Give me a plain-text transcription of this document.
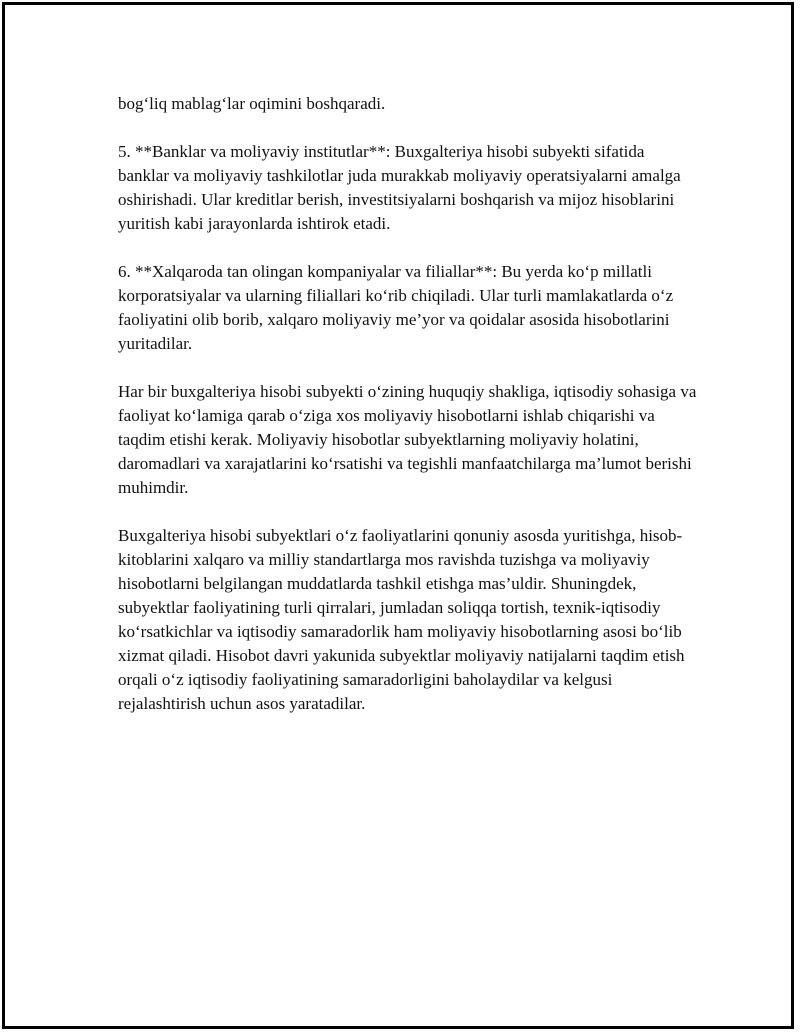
bog‘liq mablag‘lar oqimini boshqaradi.

5. **Banklar va moliyaviy institutlar**: Buxgalteriya hisobi subyekti sifatida banklar va moliyaviy tashkilotlar juda murakkab moliyaviy operatsiyalarni amalga oshirishadi. Ular kreditlar berish, investitsiyalarni boshqarish va mijoz hisoblarini yuritish kabi jarayonlarda ishtirok etadi.

6. **Xalqaroda tan olingan kompaniyalar va filiallar**: Bu yerda ko‘p millatli korporatsiyalar va ularning filiallari ko‘rib chiqiladi. Ular turli mamlakatlarda o‘z faoliyatini olib borib, xalqaro moliyaviy me’yor va qoidalar asosida hisobotlarini yuritadilar.

Har bir buxgalteriya hisobi subyekti o‘zining huquqiy shakliga, iqtisodiy sohasiga va faoliyat ko‘lamiga qarab o‘ziga xos moliyaviy hisobotlarni ishlab chiqarishi va taqdim etishi kerak. Moliyaviy hisobotlar subyektlarning moliyaviy holatini, daromadlari va xarajatlarini ko‘rsatishi va tegishli manfaatchilarga ma’lumot berishi muhimdir.

Buxgalteriya hisobi subyektlari o‘z faoliyatlarini qonuniy asosda yuritishga, hisob-kitoblarini xalqaro va milliy standartlarga mos ravishda tuzishga va moliyaviy hisobotlarni belgilangan muddatlarda tashkil etishga mas’uldir. Shuningdek, subyektlar faoliyatining turli qirralari, jumladan soliqqa tortish, texnik-iqtisodiy ko‘rsatkichlar va iqtisodiy samaradorlik ham moliyaviy hisobotlarning asosi bo‘lib xizmat qiladi. Hisobot davri yakunida subyektlar moliyaviy natijalarni taqdim etish orqali o‘z iqtisodiy faoliyatining samaradorligini baholaydilar va kelgusi rejalashtirish uchun asos yaratadilar.
